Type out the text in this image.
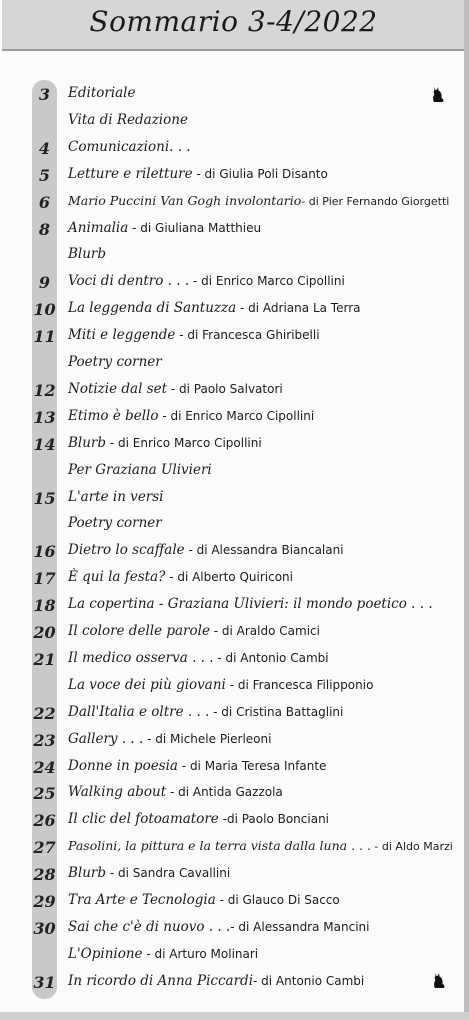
Sommario 3-4/2022
3	Editoriale
Vita di Redazione
4	Comunicazioni. . .
5	Letture e riletture - di Giulia Poli Disanto
6	Mario Puccini Van Gogh involontario- di Pier Fernando Giorgetti
8	Animalia - di Giuliana Matthieu
Blurb
9	Voci di dentro . . . - di Enrico Marco Cipollini
10 La leggenda di Santuzza - di Adriana La Terra
11 Miti e leggende - di Francesca Ghiribelli
Poetry corner
12 Notizie dal set - di Paolo Salvatori
13 Etimo è bello - di Enrico Marco Cipollini
14 Blurb - di Enrico Marco Cipollini
Per Graziana Ulivieri
15 L'arte in versi
Poetry corner
16 Dietro lo scaffale - di Alessandra Biancalani
17 È qui la festa? - di Alberto Quiriconi
18 La copertina - Graziana Ulivieri: il mondo poetico . . .
20 Il colore delle parole - di Araldo Camici
21 Il medico osserva . . . - di Antonio Cambi
La voce dei più giovani - di Francesca Filipponio
22 Dall'Italia e oltre . . . - di Cristina Battaglini
23 Gallery . . . - di Michele Pierleoni
24 Donne in poesia - di Maria Teresa Infante
25 Walking about - di Antida Gazzola
26 Il clic del fotoamatore -di Paolo Bonciani
27 Pasolini, la pittura e la terra vista dalla luna . . . - di Aldo Marzi
28 Blurb - di Sandra Cavallini
29 Tra Arte e Tecnologia - di Glauco Di Sacco
30 Sai che c'è di nuovo . . .- di Alessandra Mancini
L'Opinione - di Arturo Molinari
31 In ricordo di Anna Piccardi- di Antonio Cambi
